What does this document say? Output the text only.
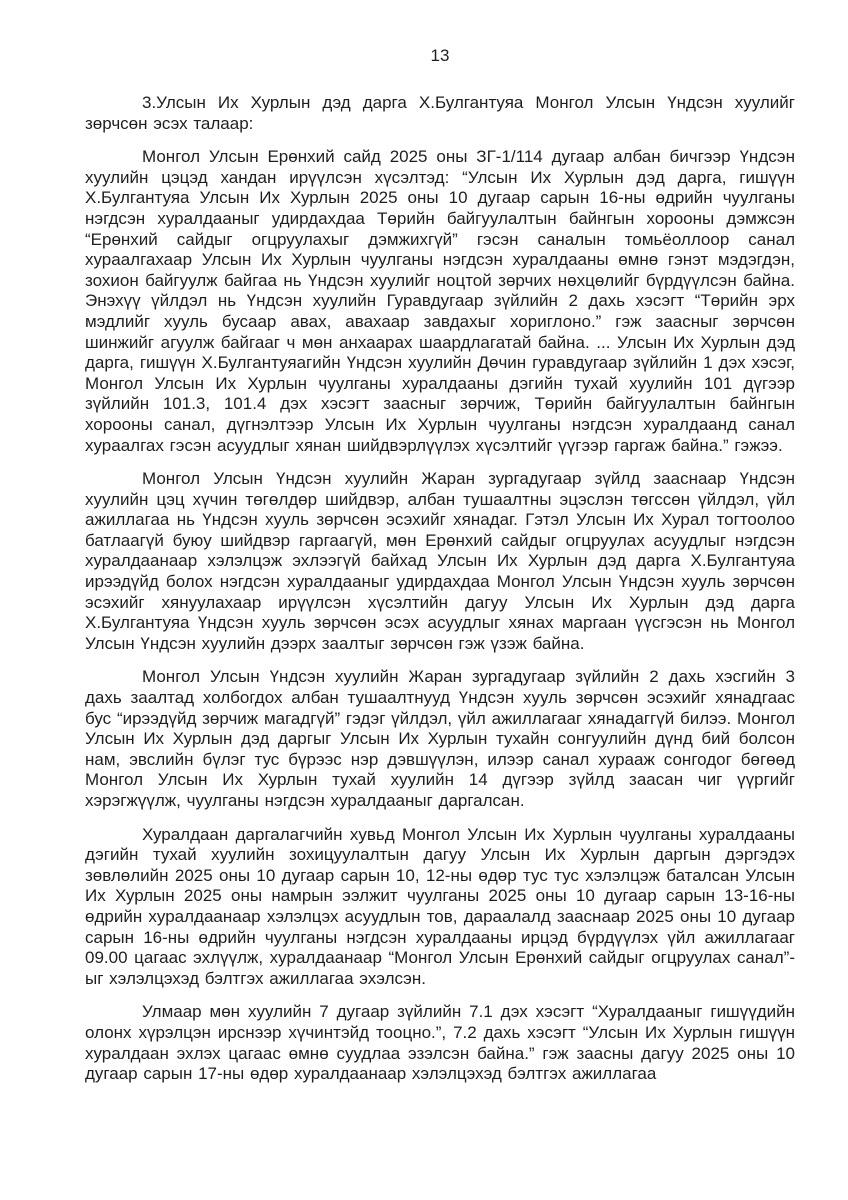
13

3.Улсын Их Хурлын дэд дарга Х.Булгантуяа Монгол Улсын Үндсэн хуулийг зөрчсөн эсэх талаар:

Монгол Улсын Ерөнхий сайд 2025 оны ЗГ-1/114 дугаар албан бичгээр Үндсэн хуулийн цэцэд хандан ирүүлсэн хүсэлтэд: “Улсын Их Хурлын дэд дарга, гишүүн Х.Булгантуяа Улсын Их Хурлын 2025 оны 10 дугаар сарын 16-ны өдрийн чуулганы нэгдсэн хуралдааныг удирдахдаа Төрийн байгуулалтын байнгын хорооны дэмжсэн “Ерөнхий сайдыг огцруулахыг дэмжихгүй” гэсэн саналын томьёоллоор санал хураалгахаар Улсын Их Хурлын чуулганы нэгдсэн хуралдааны өмнө гэнэт мэдэгдэн, зохион байгуулж байгаа нь Үндсэн хуулийг ноцтой зөрчих нөхцөлийг бүрдүүлсэн байна. Энэхүү үйлдэл нь Үндсэн хуулийн Гуравдугаар зүйлийн 2 дахь хэсэгт “Төрийн эрх мэдлийг хууль бусаар авах, авахаар завдахыг хориглоно.” гэж заасныг зөрчсөн шинжийг агуулж байгааг ч мөн анхаарах шаардлагатай байна. ... Улсын Их Хурлын дэд дарга, гишүүн Х.Булгантуяагийн Үндсэн хуулийн Дөчин гуравдугаар зүйлийн 1 дэх хэсэг, Монгол Улсын Их Хурлын чуулганы хуралдааны дэгийн тухай хуулийн 101 дүгээр зүйлийн 101.3, 101.4 дэх хэсэгт заасныг зөрчиж, Төрийн байгуулалтын байнгын хорооны санал, дүгнэлтээр Улсын Их Хурлын чуулганы нэгдсэн хуралдаанд санал хураалгах гэсэн асуудлыг хянан шийдвэрлүүлэх хүсэлтийг үүгээр гаргаж байна.” гэжээ.

Монгол Улсын Үндсэн хуулийн Жаран зургадугаар зүйлд зааснаар Үндсэн хуулийн цэц хүчин төгөлдөр шийдвэр, албан тушаалтны эцэслэн төгссөн үйлдэл, үйл ажиллагаа нь Үндсэн хууль зөрчсөн эсэхийг хянадаг. Гэтэл Улсын Их Хурал тогтоолоо батлаагүй буюу шийдвэр гаргаагүй, мөн Ерөнхий сайдыг огцруулах асуудлыг нэгдсэн хуралдаанаар хэлэлцэж эхлээгүй байхад Улсын Их Хурлын дэд дарга Х.Булгантуяа ирээдүйд болох нэгдсэн хуралдааныг удирдахдаа Монгол Улсын Үндсэн хууль зөрчсөн эсэхийг хянуулахаар ирүүлсэн хүсэлтийн дагуу Улсын Их Хурлын дэд дарга Х.Булгантуяа Үндсэн хууль зөрчсөн эсэх асуудлыг хянах маргаан үүсгэсэн нь Монгол Улсын Үндсэн хуулийн дээрх заалтыг зөрчсөн гэж үзэж байна.

Монгол Улсын Үндсэн хуулийн Жаран зургадугаар зүйлийн 2 дахь хэсгийн 3 дахь заалтад холбогдох албан тушаалтнууд Үндсэн хууль зөрчсөн эсэхийг хянадгаас бус “ирээдүйд зөрчиж магадгүй” гэдэг үйлдэл, үйл ажиллагааг хянадаггүй билээ. Монгол Улсын Их Хурлын дэд даргыг Улсын Их Хурлын тухайн сонгуулийн дүнд бий болсон нам, эвслийн бүлэг тус бүрээс нэр дэвшүүлэн, илээр санал хурааж сонгодог бөгөөд Монгол Улсын Их Хурлын тухай хуулийн 14 дүгээр зүйлд заасан чиг үүргийг хэрэгжүүлж, чуулганы нэгдсэн хуралдааныг даргалсан.

Хуралдаан даргалагчийн хувьд Монгол Улсын Их Хурлын чуулганы хуралдааны дэгийн тухай хуулийн зохицуулалтын дагуу Улсын Их Хурлын даргын дэргэдэх зөвлөлийн 2025 оны 10 дугаар сарын 10, 12-ны өдөр тус тус хэлэлцэж баталсан Улсын Их Хурлын 2025 оны намрын ээлжит чуулганы 2025 оны 10 дугаар сарын 13-16-ны өдрийн хуралдаанаар хэлэлцэх асуудлын тов, дараалалд зааснаар 2025 оны 10 дугаар сарын 16-ны өдрийн чуулганы нэгдсэн хуралдааны ирцэд бүрдүүлэх үйл ажиллагааг 09.00 цагаас эхлүүлж, хуралдаанаар “Монгол Улсын Ерөнхий сайдыг огцруулах санал”-ыг хэлэлцэхэд бэлтгэх ажиллагаа эхэлсэн.

Улмаар мөн хуулийн 7 дугаар зүйлийн 7.1 дэх хэсэгт “Хуралдааныг гишүүдийн олонх хүрэлцэн ирснээр хүчинтэйд тооцно.”, 7.2 дахь хэсэгт “Улсын Их Хурлын гишүүн хуралдаан эхлэх цагаас өмнө суудлаа эзэлсэн байна.” гэж заасны дагуу 2025 оны 10 дугаар сарын 17-ны өдөр хуралдаанаар хэлэлцэхэд бэлтгэх ажиллагаа
